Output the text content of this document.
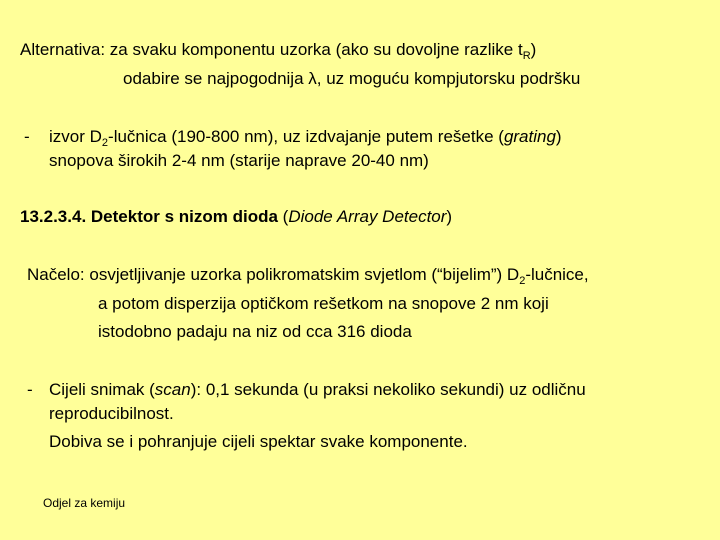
Alternativa: za svaku komponentu uzorka (ako su dovoljne razlike $t_R$)
odabire se najpogodnija λ, uz moguću kompjutorsku podršku
- izvor $D_2$-lučnica (190-800 nm), uz izdvajanje putem rešetke (grating)
snopova širokih 2-4 nm (starije naprave 20-40 nm)
13.2.3.4. Detektor s nizom dioda (Diode Array Detector)
Načelo: osvjetljivanje uzorka polikromatskim svjetlom (“bijelim”) $D_2$-lučnice,
a potom disperzija optičkom rešetkom na snopove 2 nm koji
istodobno padaju na niz od cca 316 dioda
- Cijeli snimak (scan): 0,1 sekunda (u praksi nekoliko sekundi) uz odličnu
reproducibilnost.
Dobiva se i pohranjuje cijeli spektar svake komponente.
Odjel za kemiju
